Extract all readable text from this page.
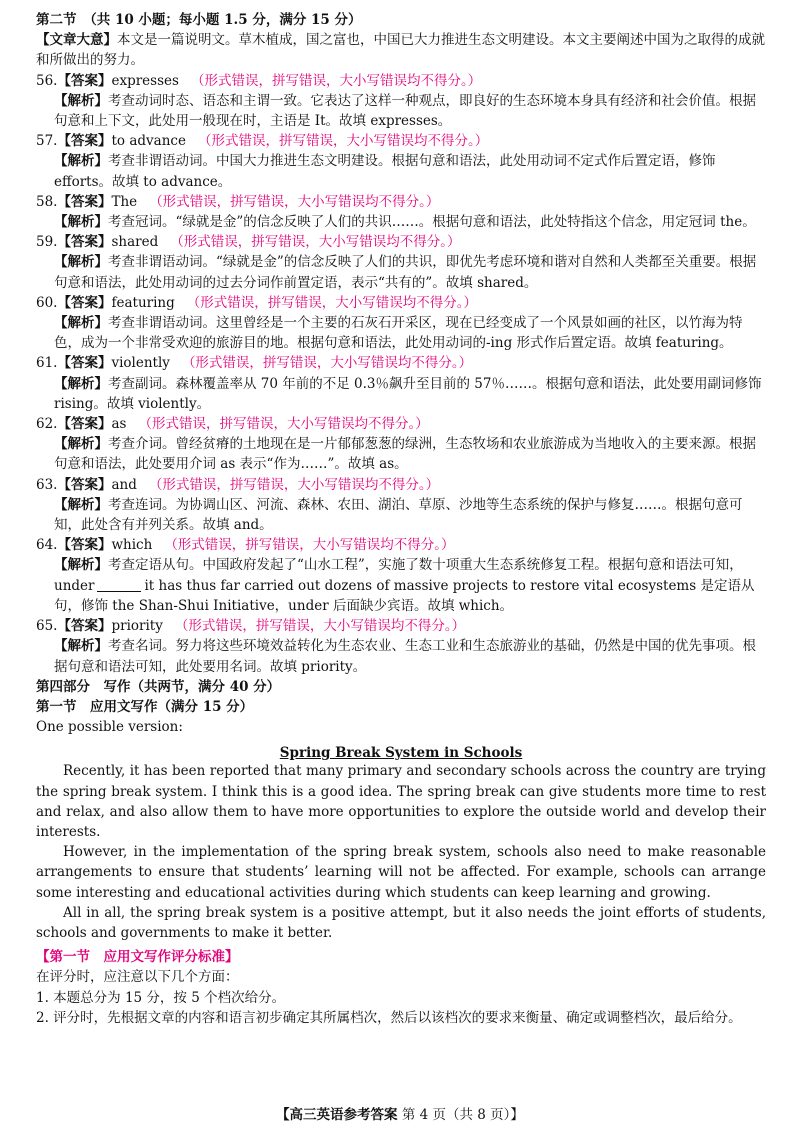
第二节　（共 10 小题；每小题 1.5 分，满分 15 分）
【文章大意】本文是一篇说明文。草木植成，国之富也，中国已大力推进生态文明建设。本文主要阐述中国为之取得的成就和所做出的努力。
56.【答案】expresses （形式错误，拼写错误，大小写错误均不得分。）
【解析】考查动词时态、语态和主谓一致。它表达了这样一种观点，即良好的生态环境本身具有经济和社会价值。根据句意和上下文，此处用一般现在时，主语是 It。故填 expresses。
57.【答案】to advance （形式错误，拼写错误，大小写错误均不得分。）
【解析】考查非谓语动词。中国大力推进生态文明建设。根据句意和语法，此处用动词不定式作后置定语，修饰 efforts。故填 to advance。
58.【答案】The （形式错误，拼写错误，大小写错误均不得分。）
【解析】考查冠词。“绿就是金”的信念反映了人们的共识……。根据句意和语法，此处特指这个信念，用定冠词 the。
59.【答案】shared （形式错误，拼写错误，大小写错误均不得分。）
【解析】考查非谓语动词。“绿就是金”的信念反映了人们的共识，即优先考虑环境和谐对自然和人类都至关重要。根据句意和语法，此处用动词的过去分词作前置定语，表示“共有的”。故填 shared。
60.【答案】featuring （形式错误，拼写错误，大小写错误均不得分。）
【解析】考查非谓语动词。这里曾经是一个主要的石灰石开采区，现在已经变成了一个风景如画的社区，以竹海为特色，成为一个非常受欢迎的旅游目的地。根据句意和语法，此处用动词的-ing 形式作后置定语。故填 featuring。
61.【答案】violently （形式错误，拼写错误，大小写错误均不得分。）
【解析】考查副词。森林覆盖率从 70 年前的不足 0.3％飙升至目前的 57％……。根据句意和语法，此处要用副词修饰 rising。故填 violently。
62.【答案】as （形式错误，拼写错误，大小写错误均不得分。）
【解析】考查介词。曾经贫瘠的土地现在是一片郁郁葱葱的绿洲，生态牧场和农业旅游成为当地收入的主要来源。根据句意和语法，此处要用介词 as 表示“作为……”。故填 as。
63.【答案】and （形式错误，拼写错误，大小写错误均不得分。）
【解析】考查连词。为协调山区、河流、森林、农田、湖泊、草原、沙地等生态系统的保护与修复……。根据句意可知，此处含有并列关系。故填 and。
64.【答案】which （形式错误，拼写错误，大小写错误均不得分。）
【解析】考查定语从句。中国政府发起了“山水工程”，实施了数十项重大生态系统修复工程。根据句意和语法可知，under	it has thus far carried out dozens of massive projects to restore vital ecosystems 是定语从句，修饰 the Shan-Shui Initiative，under 后面缺少宾语。故填 which。
65.【答案】priority （形式错误，拼写错误，大小写错误均不得分。）
【解析】考查名词。努力将这些环境效益转化为生态农业、生态工业和生态旅游业的基础，仍然是中国的优先事项。根据句意和语法可知，此处要用名词。故填 priority。
第四部分　写作（共两节，满分 40 分）
第一节　应用文写作（满分 15 分）
One possible version:
Spring Break System in Schools
Recently, it has been reported that many primary and secondary schools across the country are trying the spring break system. I think this is a good idea. The spring break can give students more time to rest and relax, and also allow them to have more opportunities to explore the outside world and develop their interests.
However, in the implementation of the spring break system, schools also need to make reasonable arrangements to ensure that students’ learning will not be affected. For example, schools can arrange some interesting and educational activities during which students can keep learning and growing.
All in all, the spring break system is a positive attempt, but it also needs the joint efforts of students, schools and governments to make it better.
【第一节　应用文写作评分标准】
在评分时，应注意以下几个方面：
1. 本题总分为 15 分，按 5 个档次给分。
2. 评分时，先根据文章的内容和语言初步确定其所属档次，然后以该档次的要求来衡量、确定或调整档次，最后给分。
【高三英语参考答案 第 4 页（共 8 页）】
